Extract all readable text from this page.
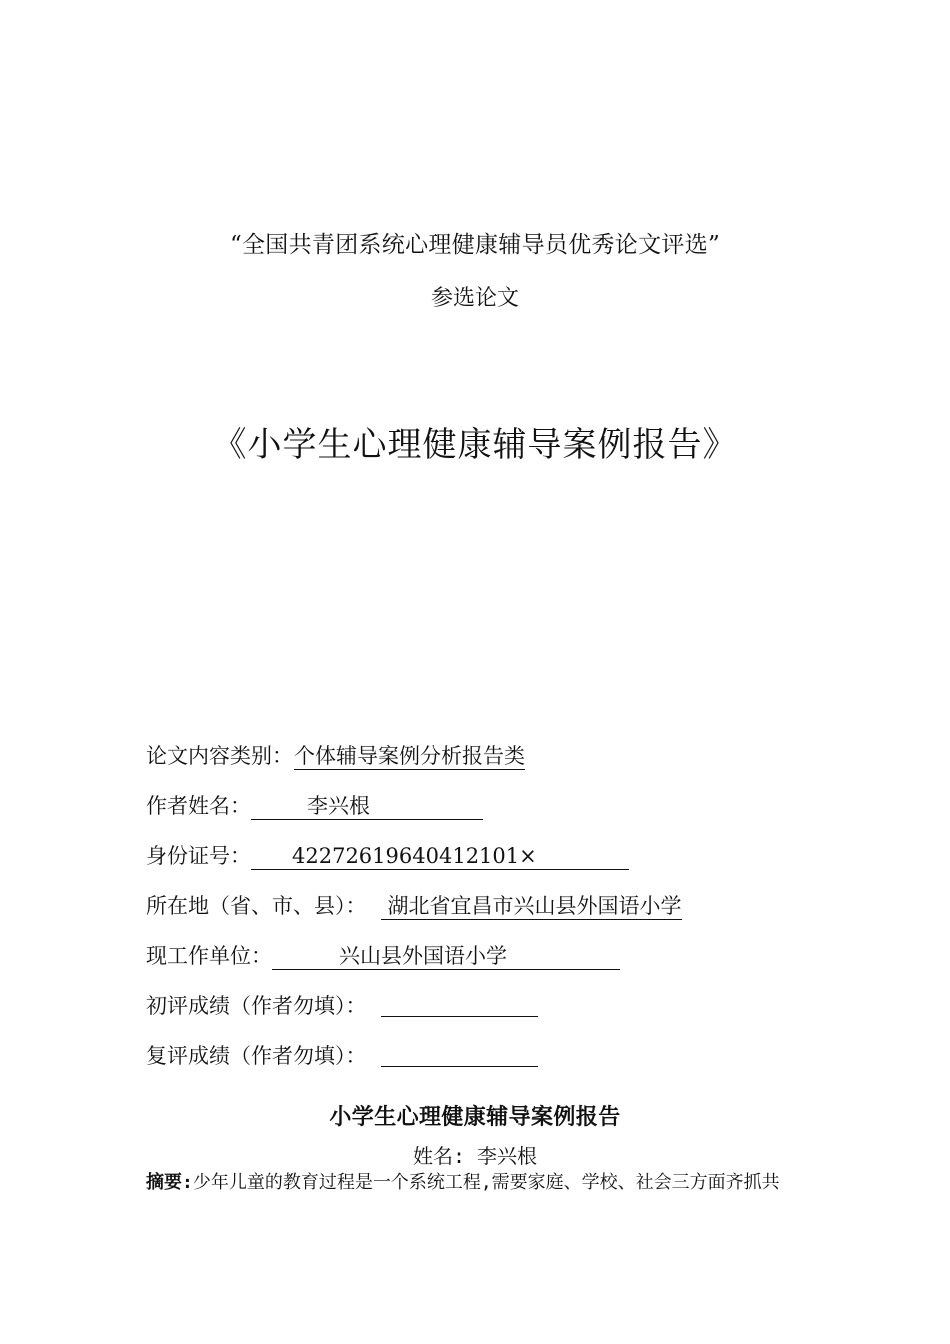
“全国共青团系统心理健康辅导员优秀论文评选”
参选论文
《小学生心理健康辅导案例报告》
论文内容类别： 个体辅导案例分析报告类
作者姓名：	李兴根
身份证号：	42272619640412101×
所在地（省、市、县）：	湖北省宜昌市兴山县外国语小学
现工作单位：	兴山县外国语小学
初评成绩（作者勿填）：
复评成绩（作者勿填）：
小学生心理健康辅导案例报告
姓名: 李兴根
摘要:少年儿童的教育过程是一个系统工程,需要家庭、学校、社会三方面齐抓共
